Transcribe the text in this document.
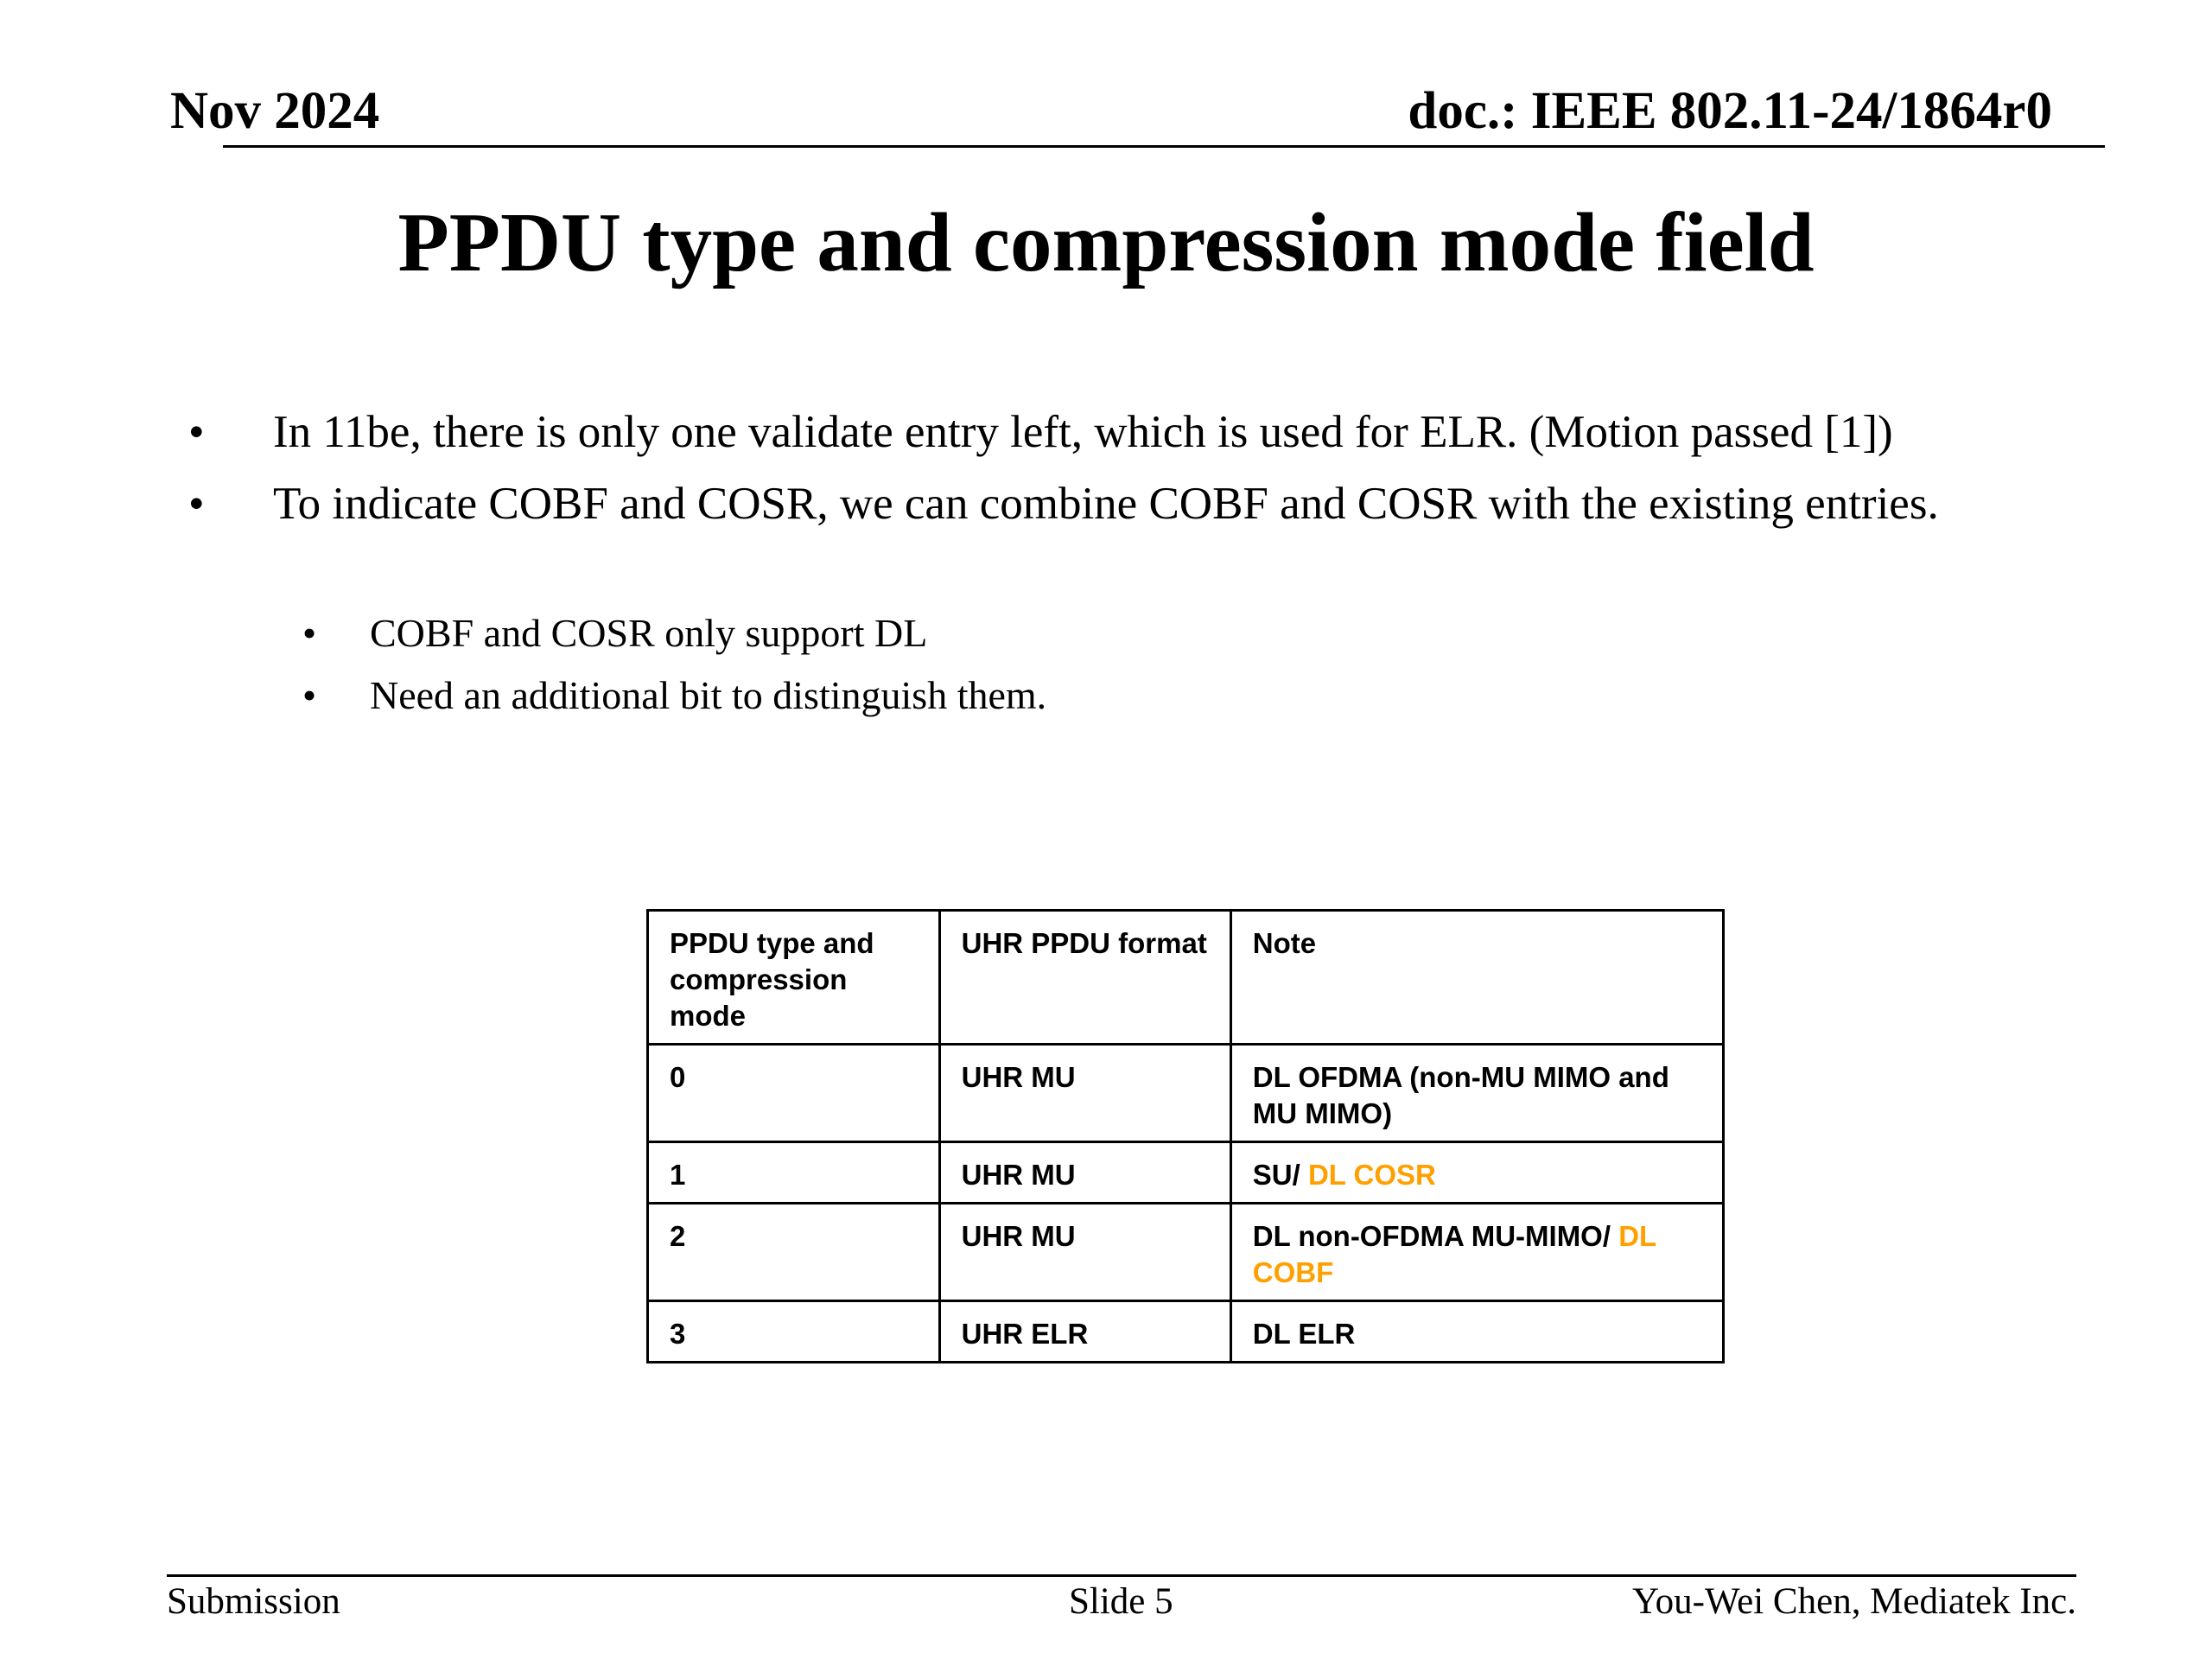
Nov 2024	doc.: IEEE 802.11-24/1864r0
PPDU type and compression mode field
• In 11be, there is only one validate entry left, which is used for ELR. (Motion passed [1])
• To indicate COBF and COSR, we can combine COBF and COSR with the existing entries.
• COBF and COSR only support DL
• Need an additional bit to distinguish them.
PPDU type and compression mode	UHR PPDU format	Note
0	UHR MU	DL OFDMA (non-MU MIMO and MU MIMO)
1	UHR MU	SU/ DL COSR
2	UHR MU	DL non-OFDMA MU-MIMO/ DL COBF
3	UHR ELR	DL ELR
Submission	Slide 5	You-Wei Chen, Mediatek Inc.
